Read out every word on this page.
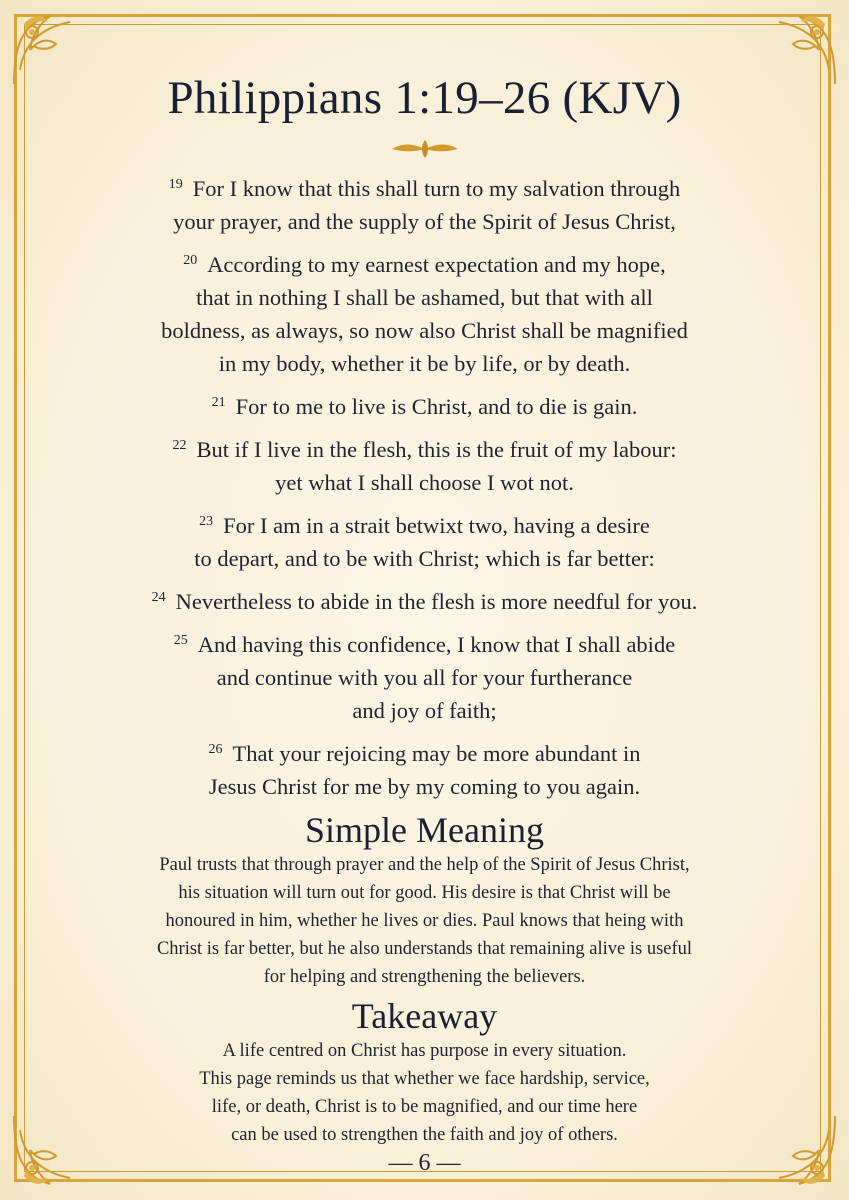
Philippians 1:19–26 (KJV)

$^{19}$ For I know that this shall turn to my salvation through
your prayer, and the supply of the Spirit of Jesus Christ,

$^{20}$ According to my earnest expectation and my hope,
that in nothing I shall be ashamed, but that with all
boldness, as always, so now also Christ shall be magnified
in my body, whether it be by life, or by death.

$^{21}$ For to me to live is Christ, and to die is gain.

$^{22}$ But if I live in the flesh, this is the fruit of my labour:
yet what I shall choose I wot not.

$^{23}$ For I am in a strait betwixt two, having a desire
to depart, and to be with Christ; which is far better:

$^{24}$ Nevertheless to abide in the flesh is more needful for you.

$^{25}$ And having this confidence, I know that I shall abide
and continue with you all for your furtherance
and joy of faith;

$^{26}$ That your rejoicing may be more abundant in
Jesus Christ for me by my coming to you again.

Simple Meaning

Paul trusts that through prayer and the help of the Spirit of Jesus Christ,
his situation will turn out for good. His desire is that Christ will be
honoured in him, whether he lives or dies. Paul knows that heing with
Christ is far better, but he also understands that remaining alive is useful
for helping and strengthening the believers.

Takeaway

A life centred on Christ has purpose in every situation.
This page reminds us that whether we face hardship, service,
life, or death, Christ is to be magnified, and our time here
can be used to strengthen the faith and joy of others.

— 6 —
